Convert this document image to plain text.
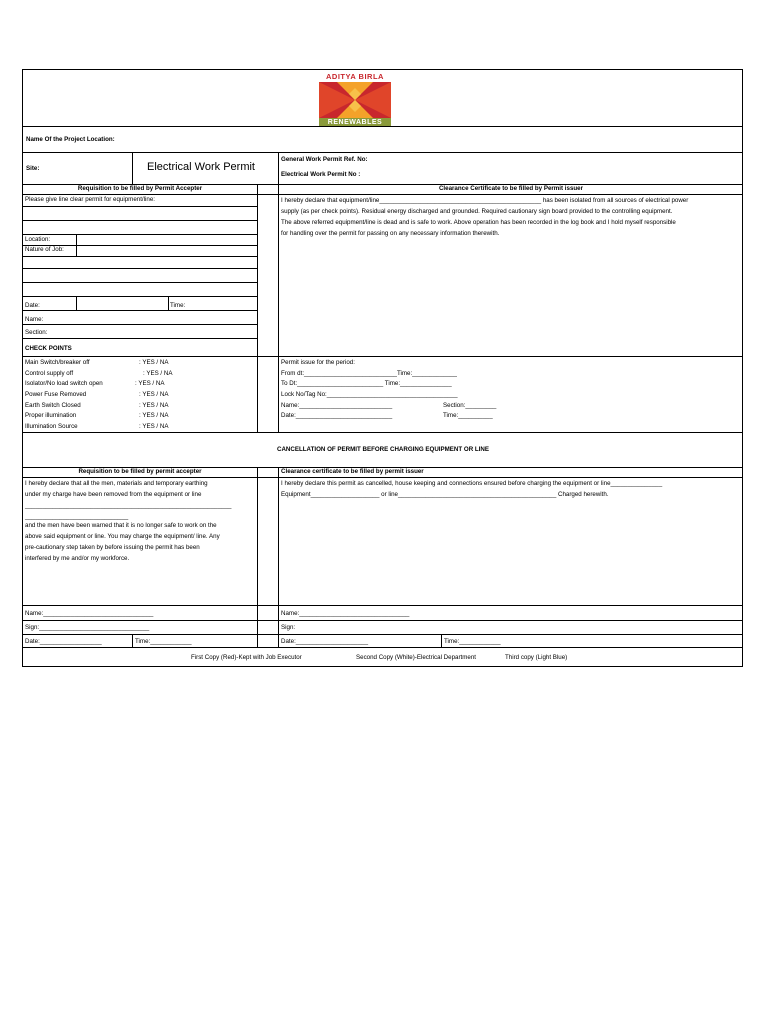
ADITYA BIRLA
RENEWABLES
Name Of the Project Location:
Site:	Electrical Work Permit
General Work Permit Ref. No:
Electrical Work Permit No :
Requisition to be filled by Permit Accepter	Clearance Certificate to be filled by Permit issuer
Please give line clear permit for equipment/line:
Location:
Nature of Job:
Date:	Time:
Name:
Section:
I hereby declare that equipment/line_______________________________________________ has been isolated from all sources of electrical power
supply (as per check points). Residual energy discharged and grounded. Required cautionary sign board provided to the controlling equipment.
The above referred equipment/line is dead and is safe to work. Above operation has been recorded in the log book and I hold myself responsible
for handling over the permit for passing on any necessary information therewith.
CHECK POINTS
Main Switch/breaker off	: YES / NA
Control supply off	: YES / NA
Isolator/No load switch open	: YES / NA
Power Fuse Removed	: YES / NA
Earth Switch Closed	: YES / NA
Proper illumination	: YES / NA
Illumination Source	: YES / NA
Permit issue for the period:
From dt:___________________________Time:_____________
To Dt:_________________________ Time:_______________
Lock No/Tag No:______________________________________
Name:___________________________	Section:_________
Date:____________________________	Time:__________
CANCELLATION OF PERMIT BEFORE CHARGING EQUIPMENT OR LINE
Requisition to be filled by permit accepter	Clearance certificate to be filled by permit issuer
I hereby declare that all the men, materials and temporary earthing
under my charge have been removed from the equipment or line
____________________________________________________________
______________________________
and the men have been warned that it is no longer safe to work on the
above said equipment or line. You may charge the equipment/ line. Any
pre-cautionary step taken by before issuing the permit has been
interfered by me and/or my workforce.
I hereby declare this permit as cancelled, house keeping and connections ensured before charging the equipment or line_______________
Equipment____________________ or line______________________________________________ Charged herewith.
Name:________________________________	Name:________________________________
Sign:________________________________	Sign:
Date:__________________	Time:____________	Date:_____________________	Time:____________
First Copy (Red)-Kept with Job Executor	Second Copy (White)-Electrical Department	Third copy (Light Blue)
